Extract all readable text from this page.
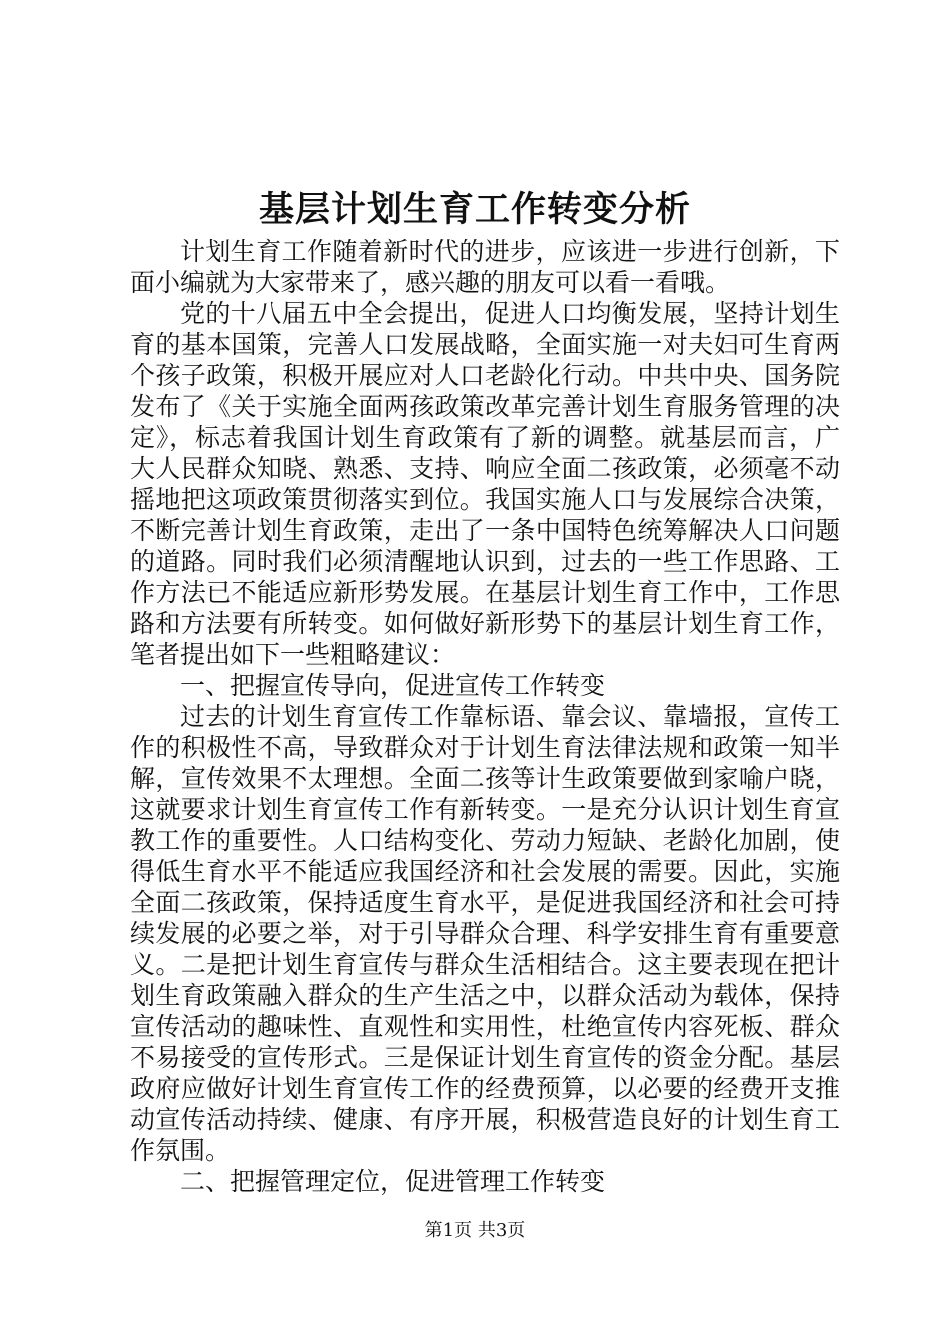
基层计划生育工作转变分析

计划生育工作随着新时代的进步，应该进一步进行创新，下面小编就为大家带来了，感兴趣的朋友可以看一看哦。

党的十八届五中全会提出，促进人口均衡发展，坚持计划生育的基本国策，完善人口发展战略，全面实施一对夫妇可生育两个孩子政策，积极开展应对人口老龄化行动。中共中央、国务院发布了《关于实施全面两孩政策改革完善计划生育服务管理的决定》，标志着我国计划生育政策有了新的调整。就基层而言，广大人民群众知晓、熟悉、支持、响应全面二孩政策，必须毫不动摇地把这项政策贯彻落实到位。我国实施人口与发展综合决策，不断完善计划生育政策，走出了一条中国特色统筹解决人口问题的道路。同时我们必须清醒地认识到，过去的一些工作思路、工作方法已不能适应新形势发展。在基层计划生育工作中，工作思路和方法要有所转变。如何做好新形势下的基层计划生育工作，笔者提出如下一些粗略建议：

一、把握宣传导向，促进宣传工作转变

过去的计划生育宣传工作靠标语、靠会议、靠墙报，宣传工作的积极性不高，导致群众对于计划生育法律法规和政策一知半解，宣传效果不太理想。全面二孩等计生政策要做到家喻户晓，这就要求计划生育宣传工作有新转变。一是充分认识计划生育宣教工作的重要性。人口结构变化、劳动力短缺、老龄化加剧，使得低生育水平不能适应我国经济和社会发展的需要。因此，实施全面二孩政策，保持适度生育水平，是促进我国经济和社会可持续发展的必要之举，对于引导群众合理、科学安排生育有重要意义。二是把计划生育宣传与群众生活相结合。这主要表现在把计划生育政策融入群众的生产生活之中，以群众活动为载体，保持宣传活动的趣味性、直观性和实用性，杜绝宣传内容死板、群众不易接受的宣传形式。三是保证计划生育宣传的资金分配。基层政府应做好计划生育宣传工作的经费预算，以必要的经费开支推动宣传活动持续、健康、有序开展，积极营造良好的计划生育工作氛围。

二、把握管理定位，促进管理工作转变

第1页 共3页
